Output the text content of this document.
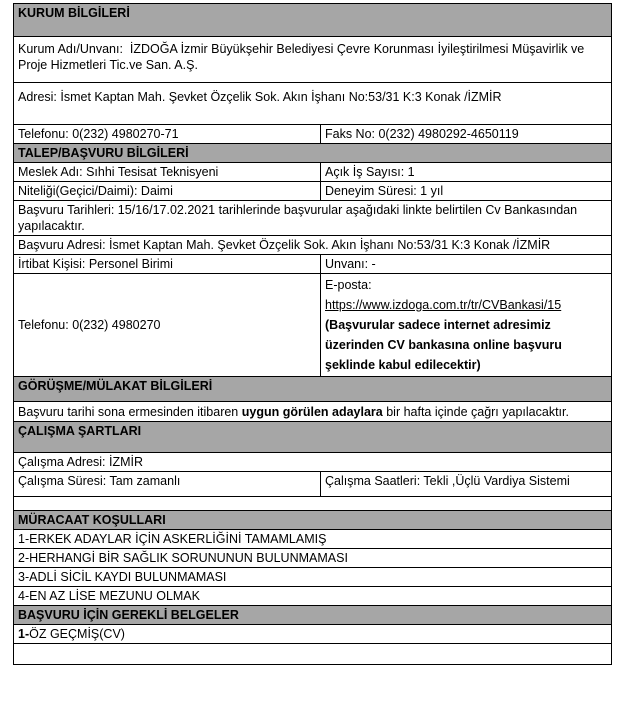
KURUM BİLGİLERİ	
Kurum Adı/Unvanı: İZDOĞA İzmir Büyükşehir Belediyesi Çevre Korunması İyileştirilmesi Müşavirlik ve Proje Hizmetleri Tic.ve San. A.Ş.	
Adresi: İsmet Kaptan Mah. Şevket Özçelik Sok. Akın İşhanı No:53/31 K:3 Konak /İZMİR	
Telefonu: 0(232) 4980270-71	Faks No: 0(232) 4980292-4650119
TALEP/BAŞVURU BİLGİLERİ	
Meslek Adı: Sıhhi Tesisat Teknisyeni	Açık İş Sayısı: 1
Niteliği(Geçici/Daimi): Daimi	Deneyim Süresi: 1 yıl
Başvuru Tarihleri: 15/16/17.02.2021 tarihlerinde başvurular aşağıdaki linkte belirtilen Cv Bankasından yapılacaktır.	
Başvuru Adresi: İsmet Kaptan Mah. Şevket Özçelik Sok. Akın İşhanı No:53/31 K:3 Konak /İZMİR	
İrtibat Kişisi: Personel Birimi	Unvanı: -
Telefonu: 0(232) 4980270	E-posta:
https://www.izdoga.com.tr/tr/CVBankasi/15
(Başvurular sadece internet adresimiz üzerinden CV bankasına online başvuru şeklinde kabul edilecektir)

GÖRÜŞME/MÜLAKAT BİLGİLERİ	
Başvuru tarihi sona ermesinden itibaren uygun görülen adaylara bir hafta içinde çağrı yapılacaktır.	
ÇALIŞMA ŞARTLARI	
Çalışma Adresi: İZMİR	
Çalışma Süresi: Tam zamanlı	Çalışma Saatleri: Tekli ,Üçlü Vardiya Sistemi

MÜRACAAT KOŞULLARI	
1-ERKEK ADAYLAR İÇİN ASKERLİĞİNİ TAMAMLAMIŞ	
2-HERHANGİ BİR SAĞLIK SORUNUNUN BULUNMAMASI	
3-ADLİ SİCİL KAYDI BULUNMAMASI	
4-EN AZ LİSE MEZUNU OLMAK	
BAŞVURU İÇİN GEREKLİ BELGELER	
1-ÖZ GEÇMİŞ(CV)	
